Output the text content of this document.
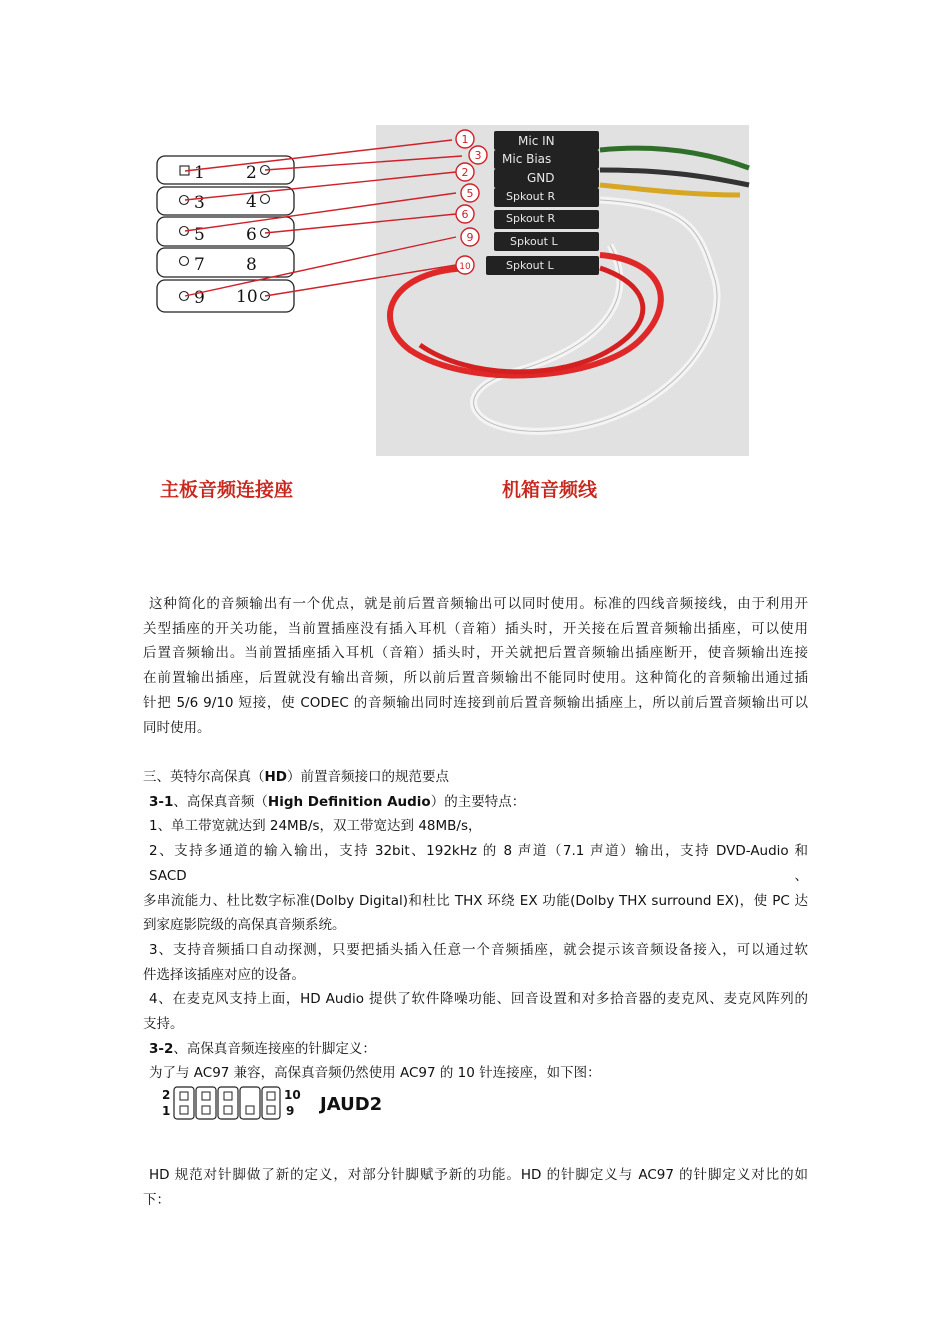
Mic IN
Mic Bias
GND
Spkout R
Spkout R
Spkout L
Spkout L
1 2
3 4
5 6
7 8
9 10
1
3
2
5
6
9
10
主板音频连接座	机箱音频线
这种简化的音频输出有一个优点，就是前后置音频输出可以同时使用。标准的四线音频接线，由于利用开
关型插座的开关功能，当前置插座没有插入耳机（音箱）插头时，开关接在后置音频输出插座，可以使用
后置音频输出。当前置插座插入耳机（音箱）插头时，开关就把后置音频输出插座断开，使音频输出连接
在前置输出插座，后置就没有输出音频，所以前后置音频输出不能同时使用。这种简化的音频输出通过插
针把 5/6 9/10 短接，使 CODEC 的音频输出同时连接到前后置音频输出插座上，所以前后置音频输出可以
同时使用。
三、英特尔高保真（HD）前置音频接口的规范要点
3-1、高保真音频（High Definition Audio）的主要特点：
1、单工带宽就达到 24MB/s，双工带宽达到 48MB/s，
2、支持多通道的输入输出，支持 32bit、192kHz 的 8 声道（7.1 声道）输出，支持 DVD-Audio 和 SACD、
多串流能力、杜比数字标准(Dolby Digital)和杜比 THX 环绕 EX 功能(Dolby THX surround EX)，使 PC 达
到家庭影院级的高保真音频系统。
3、支持音频插口自动探测，只要把插头插入任意一个音频插座，就会提示该音频设备接入，可以通过软
件选择该插座对应的设备。
4、在麦克风支持上面，HD Audio 提供了软件降噪功能、回音设置和对多拾音器的麦克风、麦克风阵列的
支持。
3-2、高保真音频连接座的针脚定义：
为了与 AC97 兼容，高保真音频仍然使用 AC97 的 10 针连接座，如下图：
2
1
10
9 JAUD2
HD 规范对针脚做了新的定义，对部分针脚赋予新的功能。HD 的针脚定义与 AC97 的针脚定义对比的如
下：
